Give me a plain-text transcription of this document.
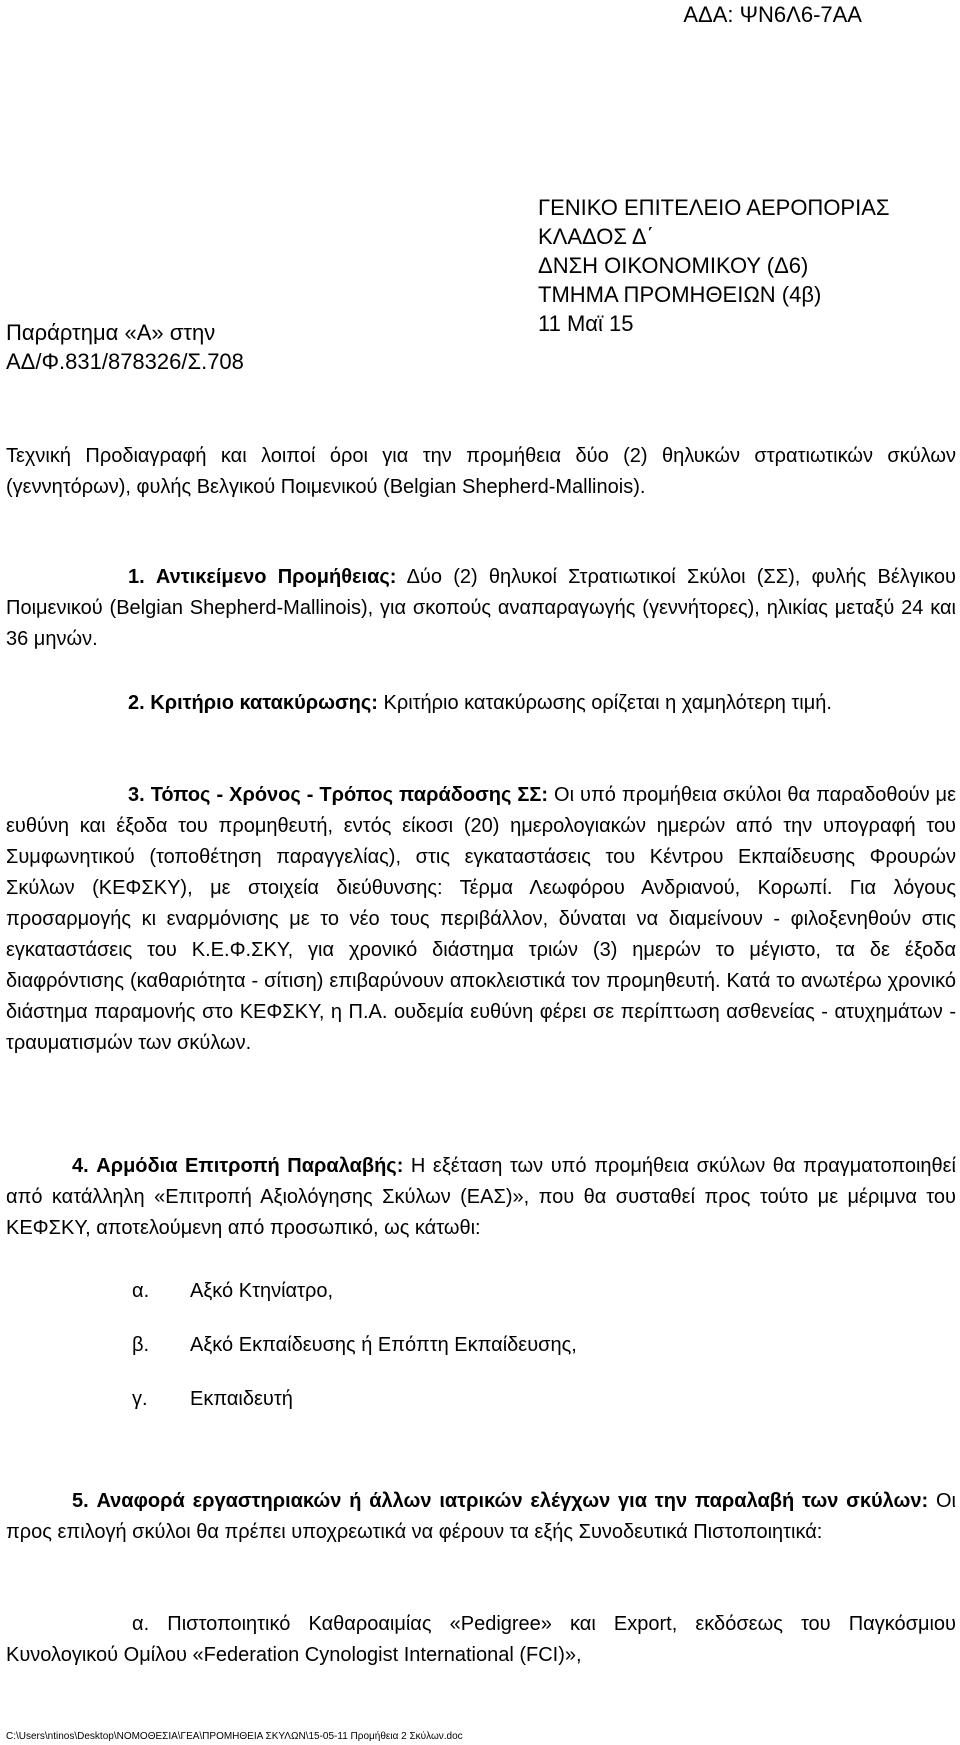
ΑΔΑ: ΨΝ6Λ6-7ΑΑ
ΓΕΝΙΚΟ ΕΠΙΤΕΛΕΙΟ ΑΕΡΟΠΟΡΙΑΣ
ΚΛΑΔΟΣ Δ΄
ΔΝΣΗ ΟΙΚΟΝΟΜΙΚΟΥ (Δ6)
ΤΜΗΜΑ ΠΡΟΜΗΘΕΙΩΝ (4β)
11 Μαϊ 15
Παράρτημα «Α» στην
ΑΔ/Φ.831/878326/Σ.708
Τεχνική Προδιαγραφή και λοιποί όροι για την προμήθεια δύο (2) θηλυκών στρατιωτικών σκύλων (γεννητόρων), φυλής Βελγικού Ποιμενικού (Belgian Shepherd-Mallinois).
1. Αντικείμενο Προμήθειας: Δύο (2) θηλυκοί Στρατιωτικοί Σκύλοι (ΣΣ), φυλής Βέλγικου Ποιμενικού (Belgian Shepherd-Mallinois), για σκοπούς αναπαραγωγής (γεννήτορες), ηλικίας μεταξύ 24 και 36 μηνών.
2. Κριτήριο κατακύρωσης: Κριτήριο κατακύρωσης ορίζεται η χαμηλότερη τιμή.
3. Τόπος - Χρόνος - Τρόπος παράδοσης ΣΣ: Οι υπό προμήθεια σκύλοι θα παραδοθούν με ευθύνη και έξοδα του προμηθευτή, εντός είκοσι (20) ημερολογιακών ημερών από την υπογραφή του Συμφωνητικού (τοποθέτηση παραγγελίας), στις εγκαταστάσεις του Κέντρου Εκπαίδευσης Φρουρών Σκύλων (ΚΕΦΣΚΥ), με στοιχεία διεύθυνσης: Τέρμα Λεωφόρου Ανδριανού, Κορωπί. Για λόγους προσαρμογής κι εναρμόνισης με το νέο τους περιβάλλον, δύναται να διαμείνουν - φιλοξενηθούν στις εγκαταστάσεις του Κ.Ε.Φ.ΣΚΥ, για χρονικό διάστημα τριών (3) ημερών το μέγιστο, τα δε έξοδα διαφρόντισης (καθαριότητα - σίτιση) επιβαρύνουν αποκλειστικά τον προμηθευτή. Κατά το ανωτέρω χρονικό διάστημα παραμονής στο ΚΕΦΣΚΥ, η Π.Α. ουδεμία ευθύνη φέρει σε περίπτωση ασθενείας - ατυχημάτων - τραυματισμών των σκύλων.
4. Αρμόδια Επιτροπή Παραλαβής: Η εξέταση των υπό προμήθεια σκύλων θα πραγματοποιηθεί από κατάλληλη «Επιτροπή Αξιολόγησης Σκύλων (ΕΑΣ)», που θα συσταθεί προς τούτο με μέριμνα του ΚΕΦΣΚΥ, αποτελούμενη από προσωπικό, ως κάτωθι:
α. Αξκό Κτηνίατρο,
β. Αξκό Εκπαίδευσης ή Επόπτη Εκπαίδευσης,
γ. Εκπαιδευτή
5. Αναφορά εργαστηριακών ή άλλων ιατρικών ελέγχων για την παραλαβή των σκύλων: Οι προς επιλογή σκύλοι θα πρέπει υποχρεωτικά να φέρουν τα εξής Συνοδευτικά Πιστοποιητικά:
α. Πιστοποιητικό Καθαροαιμίας «Pedigree» και Export, εκδόσεως του Παγκόσμιου Κυνολογικού Ομίλου «Federation Cynologist International (FCI)»,
C:\Users\ntinos\Desktop\ΝΟΜΟΘΕΣΙΑ\ΓΕΑ\ΠΡΟΜΗΘΕΙΑ ΣΚΥΛΩΝ\15-05-11 Προμήθεια 2 Σκύλων.doc
